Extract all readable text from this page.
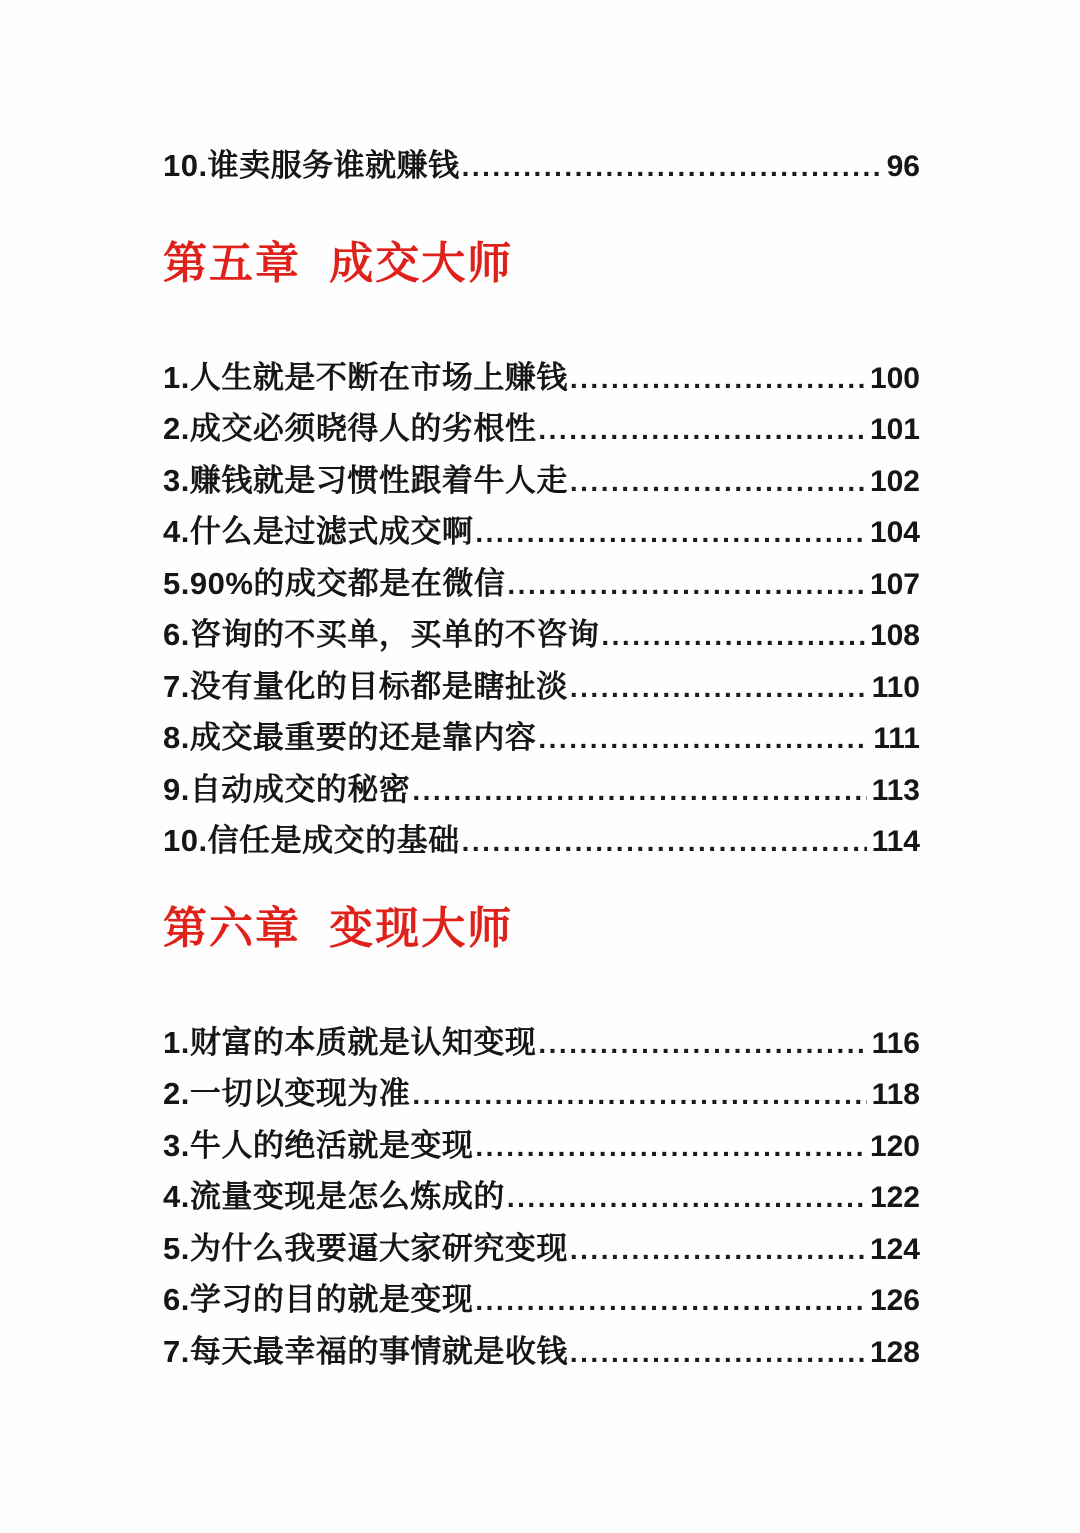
10.谁卖服务谁就赚钱 .....	96
第五章 成交大师
1.人生就是不断在市场上赚钱 .....	100
2.成交必须晓得人的劣根性 .....	101
3.赚钱就是习惯性跟着牛人走 .....	102
4.什么是过滤式成交啊 .....	104
5.90%的成交都是在微信 .....	107
6.咨询的不买单，买单的不咨询 .....	108
7.没有量化的目标都是瞎扯淡 .....	110
8.成交最重要的还是靠内容 .....	111
9.自动成交的秘密 .....	113
10.信任是成交的基础 .....	114
第六章 变现大师
1.财富的本质就是认知变现 .....	116
2.一切以变现为准 .....	118
3.牛人的绝活就是变现 .....	120
4.流量变现是怎么炼成的 .....	122
5.为什么我要逼大家研究变现 .....	124
6.学习的目的就是变现 .....	126
7.每天最幸福的事情就是收钱 .....	128
